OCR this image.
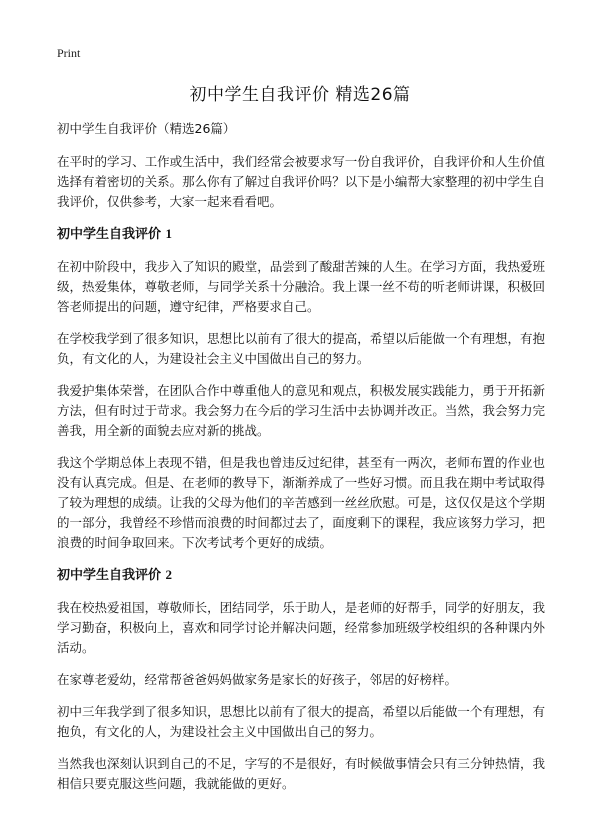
Print
初中学生自我评价 精选26篇
初中学生自我评价（精选26篇）

在平时的学习、工作或生活中，我们经常会被要求写一份自我评价，自我评价和人生价值选择有着密切的关系。那么你有了解过自我评价吗？以下是小编帮大家整理的初中学生自我评价，仅供参考，大家一起来看看吧。

初中学生自我评价 1

在初中阶段中，我步入了知识的殿堂，品尝到了酸甜苦辣的人生。在学习方面，我热爱班级，热爱集体，尊敬老师，与同学关系十分融洽。我上课一丝不苟的听老师讲课，积极回答老师提出的问题，遵守纪律，严格要求自己。

在学校我学到了很多知识，思想比以前有了很大的提高，希望以后能做一个有理想，有抱负，有文化的人，为建设社会主义中国做出自己的努力。

我爱护集体荣誉，在团队合作中尊重他人的意见和观点，积极发展实践能力，勇于开拓新方法，但有时过于苛求。我会努力在今后的学习生活中去协调并改正。当然，我会努力完善我，用全新的面貌去应对新的挑战。

我这个学期总体上表现不错，但是我也曾违反过纪律，甚至有一两次，老师布置的作业也没有认真完成。但是、在老师的教导下，渐渐养成了一些好习惯。而且我在期中考试取得了较为理想的成绩。让我的父母为他们的辛苦感到一丝丝欣慰。可是，这仅仅是这个学期的一部分，我曾经不珍惜而浪费的时间都过去了，面度剩下的课程，我应该努力学习，把浪费的时间争取回来。下次考试考个更好的成绩。

初中学生自我评价 2

我在校热爱祖国，尊敬师长，团结同学，乐于助人，是老师的好帮手，同学的好朋友，我学习勤奋，积极向上，喜欢和同学讨论并解决问题，经常参加班级学校组织的各种课内外活动。

在家尊老爱幼，经常帮爸爸妈妈做家务是家长的好孩子，邻居的好榜样。

初中三年我学到了很多知识，思想比以前有了很大的提高，希望以后能做一个有理想，有抱负，有文化的人，为建设社会主义中国做出自己的努力。

当然我也深刻认识到自己的不足，字写的不是很好，有时候做事情会只有三分钟热情，我相信只要克服这些问题，我就能做的更好。
